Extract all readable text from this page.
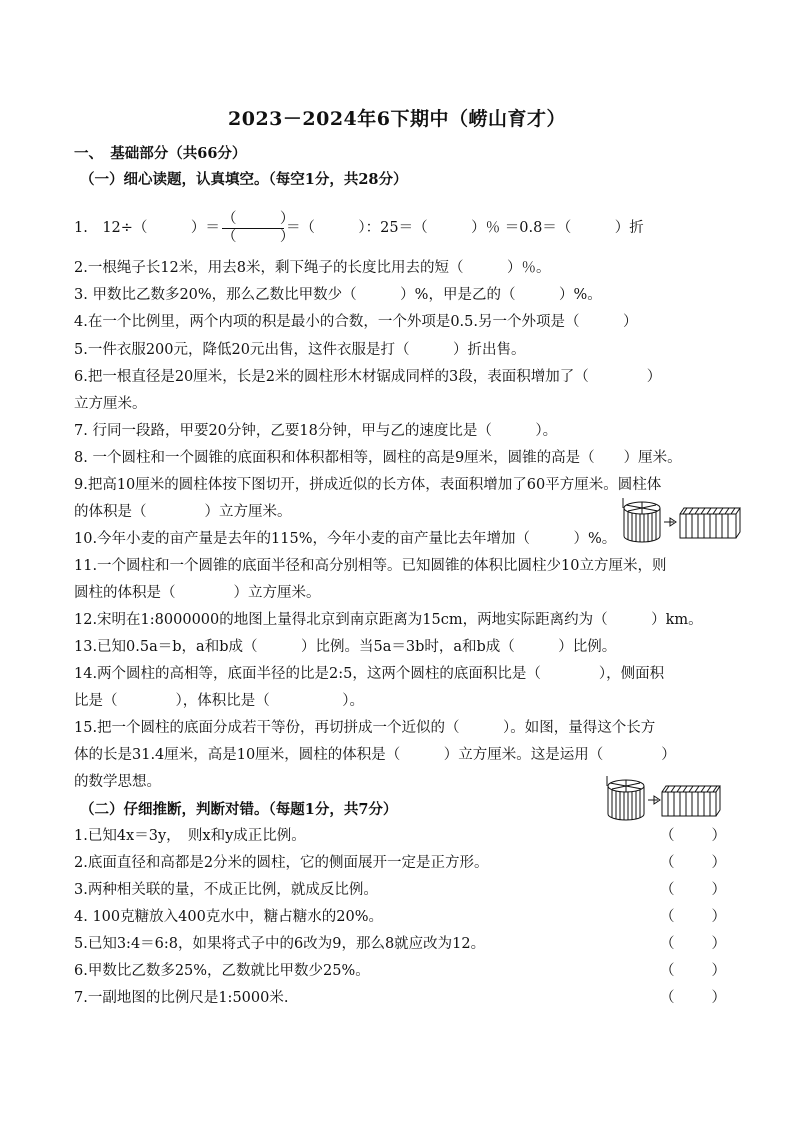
2023－2024年6下期中（崂山育才）
一、　基础部分（共66分）
（一）细心读题，认真填空。（每空1分，共28分）
1.　12÷（　　　）＝ $\frac{( )}{( )}$ ＝（　　　）：25＝（　　　）％ ＝0.8＝（　　　）折
2.一根绳子长12米，用去8米，剩下绳子的长度比用去的短（　　　）％。
3. 甲数比乙数多20%，那么乙数比甲数少（　　　）%，甲是乙的（　　　）%。
4.在一个比例里，两个内项的积是最小的合数，一个外项是0.5.另一个外项是（　　　）
5.一件衣服200元，降低20元出售，这件衣服是打（　　　）折出售。
6.把一根直径是20厘米，长是2米的圆柱形木材锯成同样的3段，表面积增加了（　　　　）
立方厘米。
7. 行同一段路，甲要20分钟，乙要18分钟，甲与乙的速度比是（　　　）。
8. 一个圆柱和一个圆锥的底面积和体积都相等，圆柱的高是9厘米，圆锥的高是（　　）厘米。
9.把高10厘米的圆柱体按下图切开，拼成近似的长方体，表面积增加了60平方厘米。圆柱体
的体积是（　　　　）立方厘米。
10.今年小麦的亩产量是去年的115%，今年小麦的亩产量比去年增加（　　　）%。
11.一个圆柱和一个圆锥的底面半径和高分别相等。已知圆锥的体积比圆柱少10立方厘米，则
圆柱的体积是（　　　　）立方厘米。
12.宋明在1:8000000的地图上量得北京到南京距离为15cm，两地实际距离约为（　　　）km。
13.已知0.5a＝b，a和b成（　　　）比例。当5a＝3b时，a和b成（　　　）比例。
14.两个圆柱的高相等，底面半径的比是2:5，这两个圆柱的底面积比是（　　　　），侧面积
比是（　　　　），体积比是（　　　　　）。
15.把一个圆柱的底面分成若干等份，再切拼成一个近似的（　　　）。如图，量得这个长方
体的长是31.4厘米，高是10厘米，圆柱的体积是（　　　）立方厘米。这是运用（　　　　）
的数学思想。
（二）仔细推断，判断对错。（每题1分，共7分）
1.已知4x＝3y，　则x和y成正比例。	（	）
2.底面直径和高都是2分米的圆柱，它的侧面展开一定是正方形。	（	）
3.两种相关联的量，不成正比例，就成反比例。	（	）
4. 100克糖放入400克水中，糖占糖水的20%。	（	）
5.已知3:4＝6:8，如果将式子中的6改为9，那么8就应改为12。	（	）
6.甲数比乙数多25%，乙数就比甲数少25%。	（	）
7.一副地图的比例尺是1:5000米.	（	）
